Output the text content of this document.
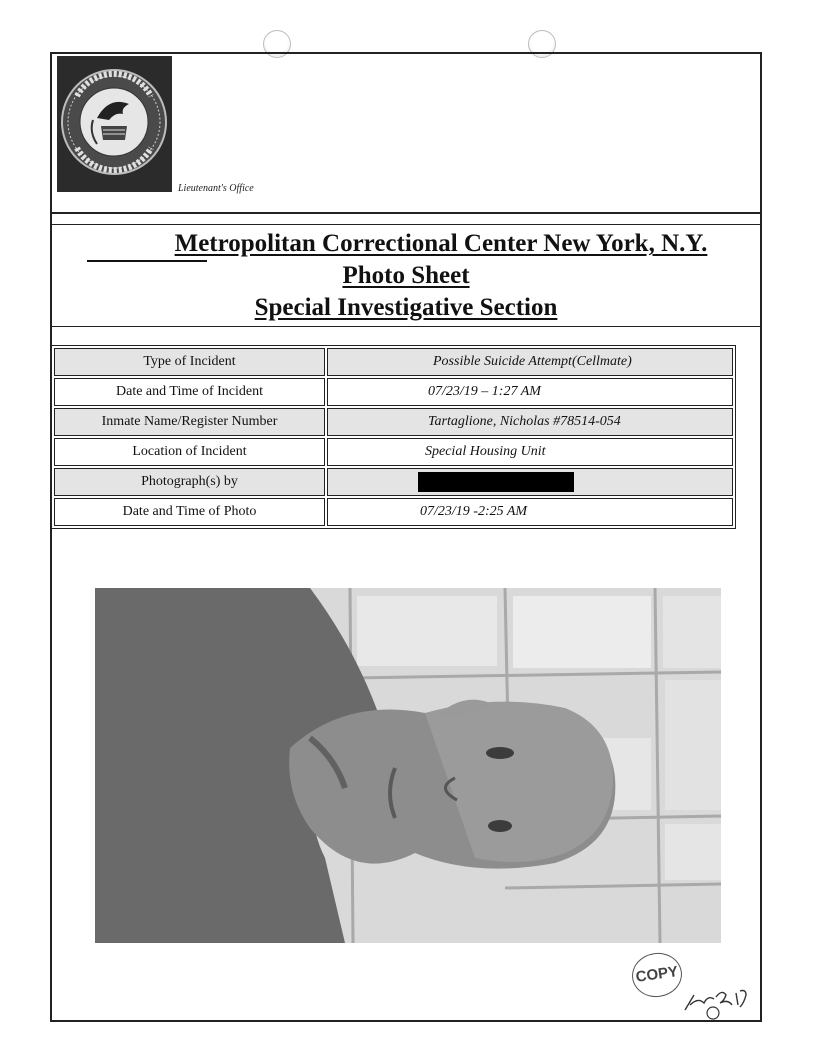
Lieutenant's Office
Metropolitan Correctional Center New York, N.Y.
Photo Sheet
Special Investigative Section
Type of Incident	Possible Suicide Attempt(Cellmate)

Date and Time of Incident	07/23/19 – 1:27 AM

Inmate Name/Register Number	Tartaglione, Nicholas #78514-054

Location of Incident	Special Housing Unit

Photograph(s) by	
Date and Time of Photo	07/23/19 -2:25 AM
COPY
